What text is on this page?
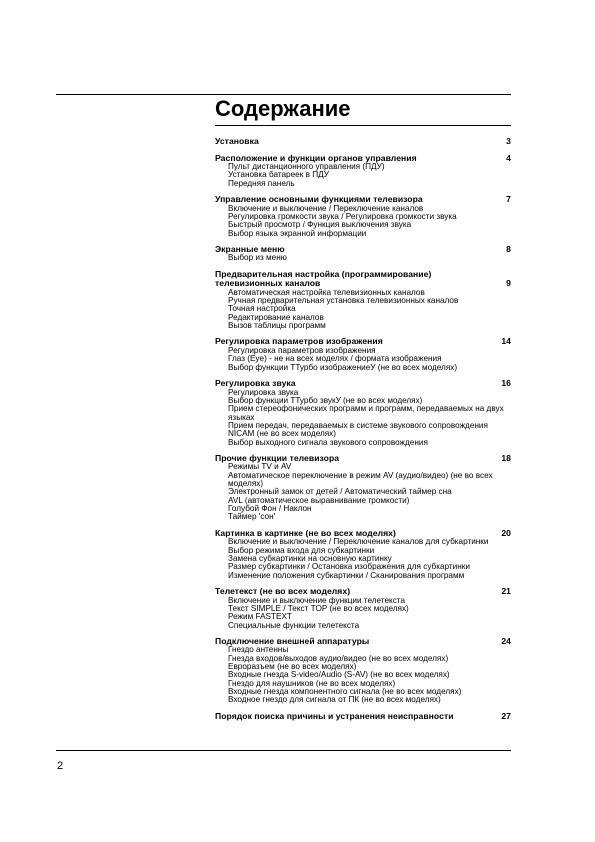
Содержание
Установка	3
Расположение и функции органов управления	4
Пульт дистанционного управления (ПДУ)
Установка батареек в ПДУ
Передняя панель
Управление основными функциями телевизора	7
Включение и выключение / Переключение каналов
Регулировка громкости звука / Регулировка громкости звука
Быстрый просмотр / Функция выключения звука
Выбор языка экранной информации
Экранные меню	8
Выбор из меню
Предварительная настройка (программирование)
телевизионных каналов	9
Автоматическая настройка телевизионных каналов
Ручная предварительная установка телевизионных каналов
Точная настройка
Редактирование каналов
Вызов таблицы программ
Регулировка параметров изображения	14
Регулировка параметров изображения
Глаз (Eye) - не на всех моделях / формата изображения
Выбор функции ТТурбо изображениеУ (не во всех моделях)
Регулировка звука	16
Регулировка звука
Выбор функции ТТурбо звукУ (не во всех моделях)
Прием стереофонических программ и программ, передаваемых на двух языках
Прием передач, передаваемых в системе звукового сопровождения NICAM (не во всех моделях)
Выбор выходного сигнала звукового сопровождения
Прочие функции телевизора	18
Режимы TV и AV
Автоматическое переключение в режим AV (аудио/видео) (не во всех моделях)
Электронный замок от детей / Автоматический таймер сна
AVL (автоматическое выравнивание громкости)
Голубой Фон / Наклон
Таймер 'сон'
Картинка в картинке (не во всех моделях)	20
Включение и выключение / Переключение каналов для субкартинки
Выбор режима входа для субкартинки
Замена субкартинки на основную картинку
Размер субкартинки / Остановка изображения для субкартинки
Изменение положения субкартинки / Сканирования программ
Телетекст (не во всех моделях)	21
Включение и выключение функции телетекста
Текст SIMPLE / Текст TOP (не во всех моделях)
Режим FASTEXT
Специальные функции телетекста
Подключение внешней аппаратуры	24
Гнездо антенны
Гнезда входов/выходов аудио/видео (не во всех моделях)
Евроразъем (не во всех моделях)
Входные гнезда S-video/Audio (S-AV) (не во всех моделях)
Гнездо для наушников (не во всех моделях)
Входные гнезда компонентного сигнала (не во всех моделях)
Входное гнездо для сигнала от ПК (не во всех моделях)
Порядок поиска причины и устранения неисправности	27
2
